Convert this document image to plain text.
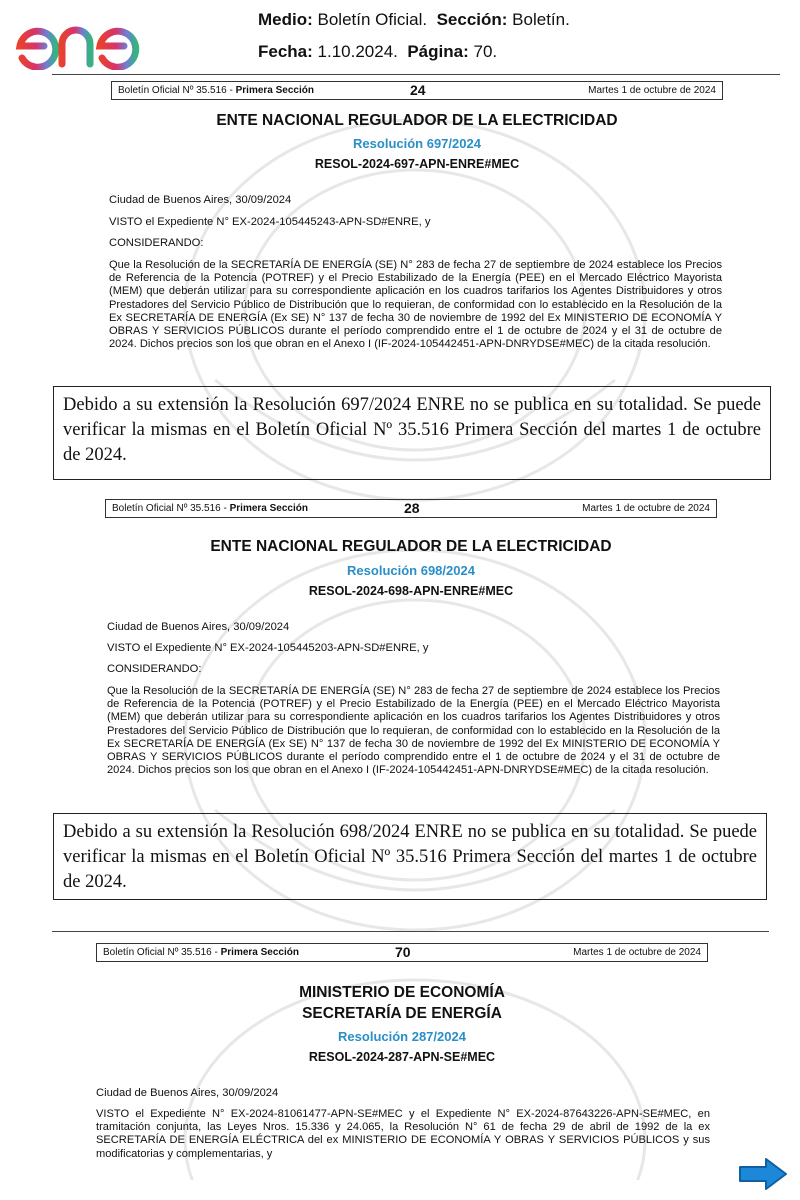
Medio: Boletín Oficial. Sección: Boletín.
Fecha: 1.10.2024. Página: 70.
Boletín Oficial Nº 35.516 - Primera Sección	24	Martes 1 de octubre de 2024
ENTE NACIONAL REGULADOR DE LA ELECTRICIDAD
Resolución 697/2024
RESOL-2024-697-APN-ENRE#MEC
Ciudad de Buenos Aires, 30/09/2024
VISTO el Expediente N° EX-2024-105445243-APN-SD#ENRE, y
CONSIDERANDO:
Que la Resolución de la SECRETARÍA DE ENERGÍA (SE) N° 283 de fecha 27 de septiembre de 2024 establece los Precios de Referencia de la Potencia (POTREF) y el Precio Estabilizado de la Energía (PEE) en el Mercado Eléctrico Mayorista (MEM) que deberán utilizar para su correspondiente aplicación en los cuadros tarifarios los Agentes Distribuidores y otros Prestadores del Servicio Público de Distribución que lo requieran, de conformidad con lo establecido en la Resolución de la Ex SECRETARÍA DE ENERGÍA (Ex SE) N° 137 de fecha 30 de noviembre de 1992 del Ex MINISTERIO DE ECONOMÍA Y OBRAS Y SERVICIOS PÚBLICOS durante el período comprendido entre el 1 de octubre de 2024 y el 31 de octubre de 2024. Dichos precios son los que obran en el Anexo I (IF-2024-105442451-APN-DNRYDSE#MEC) de la citada resolución.
Debido a su extensión la Resolución 697/2024 ENRE no se publica en su totalidad. Se puede verificar la mismas en el Boletín Oficial Nº 35.516 Primera Sección del martes 1 de octubre de 2024.
Boletín Oficial Nº 35.516 - Primera Sección	28	Martes 1 de octubre de 2024
ENTE NACIONAL REGULADOR DE LA ELECTRICIDAD
Resolución 698/2024
RESOL-2024-698-APN-ENRE#MEC
Ciudad de Buenos Aires, 30/09/2024
VISTO el Expediente N° EX-2024-105445203-APN-SD#ENRE, y
CONSIDERANDO:
Que la Resolución de la SECRETARÍA DE ENERGÍA (SE) N° 283 de fecha 27 de septiembre de 2024 establece los Precios de Referencia de la Potencia (POTREF) y el Precio Estabilizado de la Energía (PEE) en el Mercado Eléctrico Mayorista (MEM) que deberán utilizar para su correspondiente aplicación en los cuadros tarifarios los Agentes Distribuidores y otros Prestadores del Servicio Público de Distribución que lo requieran, de conformidad con lo establecido en la Resolución de la Ex SECRETARÍA DE ENERGÍA (Ex SE) N° 137 de fecha 30 de noviembre de 1992 del Ex MINISTERIO DE ECONOMÍA Y OBRAS Y SERVICIOS PÚBLICOS durante el período comprendido entre el 1 de octubre de 2024 y el 31 de octubre de 2024. Dichos precios son los que obran en el Anexo I (IF-2024-105442451-APN-DNRYDSE#MEC) de la citada resolución.
Debido a su extensión la Resolución 698/2024 ENRE no se publica en su totalidad. Se puede verificar la mismas en el Boletín Oficial Nº 35.516 Primera Sección del martes 1 de octubre de 2024.
Boletín Oficial Nº 35.516 - Primera Sección	70	Martes 1 de octubre de 2024
MINISTERIO DE ECONOMÍA
SECRETARÍA DE ENERGÍA
Resolución 287/2024
RESOL-2024-287-APN-SE#MEC
Ciudad de Buenos Aires, 30/09/2024
VISTO el Expediente N° EX-2024-81061477-APN-SE#MEC y el Expediente N° EX-2024-87643226-APN-SE#MEC, en tramitación conjunta, las Leyes Nros. 15.336 y 24.065, la Resolución N° 61 de fecha 29 de abril de 1992 de la ex SECRETARÍA DE ENERGÍA ELÉCTRICA del ex MINISTERIO DE ECONOMÍA Y OBRAS Y SERVICIOS PÚBLICOS y sus modificatorias y complementarias, y
